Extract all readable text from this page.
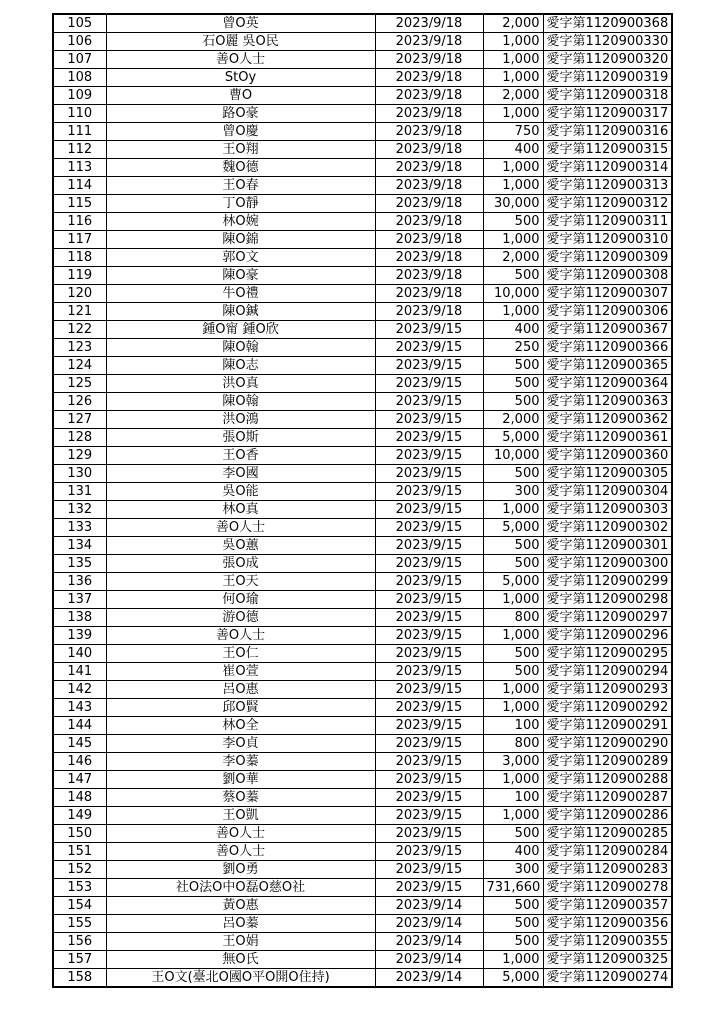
105	曾O英	2023/9/18	2,000	愛字第1120900368
106	石O麗 吳O民	2023/9/18	1,000	愛字第1120900330
107	善O人士	2023/9/18	1,000	愛字第1120900320
108	StOy	2023/9/18	1,000	愛字第1120900319
109	曹O	2023/9/18	2,000	愛字第1120900318
110	路O豪	2023/9/18	1,000	愛字第1120900317
111	曾O慶	2023/9/18	750	愛字第1120900316
112	王O翔	2023/9/18	400	愛字第1120900315
113	魏O德	2023/9/18	1,000	愛字第1120900314
114	王O春	2023/9/18	1,000	愛字第1120900313
115	丁O靜	2023/9/18	30,000	愛字第1120900312
116	林O婉	2023/9/18	500	愛字第1120900311
117	陳O錦	2023/9/18	1,000	愛字第1120900310
118	郭O文	2023/9/18	2,000	愛字第1120900309
119	陳O豪	2023/9/18	500	愛字第1120900308
120	牛O禮	2023/9/18	10,000	愛字第1120900307
121	陳O鍼	2023/9/18	1,000	愛字第1120900306
122	鍾O甯 鍾O欣	2023/9/15	400	愛字第1120900367
123	陳O翰	2023/9/15	250	愛字第1120900366
124	陳O志	2023/9/15	500	愛字第1120900365
125	洪O真	2023/9/15	500	愛字第1120900364
126	陳O翰	2023/9/15	500	愛字第1120900363
127	洪O鴻	2023/9/15	2,000	愛字第1120900362
128	張O斯	2023/9/15	5,000	愛字第1120900361
129	王O香	2023/9/15	10,000	愛字第1120900360
130	李O國	2023/9/15	500	愛字第1120900305
131	吳O能	2023/9/15	300	愛字第1120900304
132	林O真	2023/9/15	1,000	愛字第1120900303
133	善O人士	2023/9/15	5,000	愛字第1120900302
134	吳O蕙	2023/9/15	500	愛字第1120900301
135	張O成	2023/9/15	500	愛字第1120900300
136	王O天	2023/9/15	5,000	愛字第1120900299
137	何O瑜	2023/9/15	1,000	愛字第1120900298
138	游O德	2023/9/15	800	愛字第1120900297
139	善O人士	2023/9/15	1,000	愛字第1120900296
140	王O仁	2023/9/15	500	愛字第1120900295
141	崔O萱	2023/9/15	500	愛字第1120900294
142	呂O惠	2023/9/15	1,000	愛字第1120900293
143	邱O賢	2023/9/15	1,000	愛字第1120900292
144	林O全	2023/9/15	100	愛字第1120900291
145	李O貞	2023/9/15	800	愛字第1120900290
146	李O蓁	2023/9/15	3,000	愛字第1120900289
147	劉O華	2023/9/15	1,000	愛字第1120900288
148	蔡O蓁	2023/9/15	100	愛字第1120900287
149	王O凱	2023/9/15	1,000	愛字第1120900286
150	善O人士	2023/9/15	500	愛字第1120900285
151	善O人士	2023/9/15	400	愛字第1120900284
152	劉O勇	2023/9/15	300	愛字第1120900283
153	社O法O中O磊O慈O社	2023/9/15	731,660	愛字第1120900278
154	黃O惠	2023/9/14	500	愛字第1120900357
155	呂O蓁	2023/9/14	500	愛字第1120900356
156	王O娟	2023/9/14	500	愛字第1120900355
157	無O氏	2023/9/14	1,000	愛字第1120900325
158	王O文(臺北O國O平O開O住持)	2023/9/14	5,000	愛字第1120900274
